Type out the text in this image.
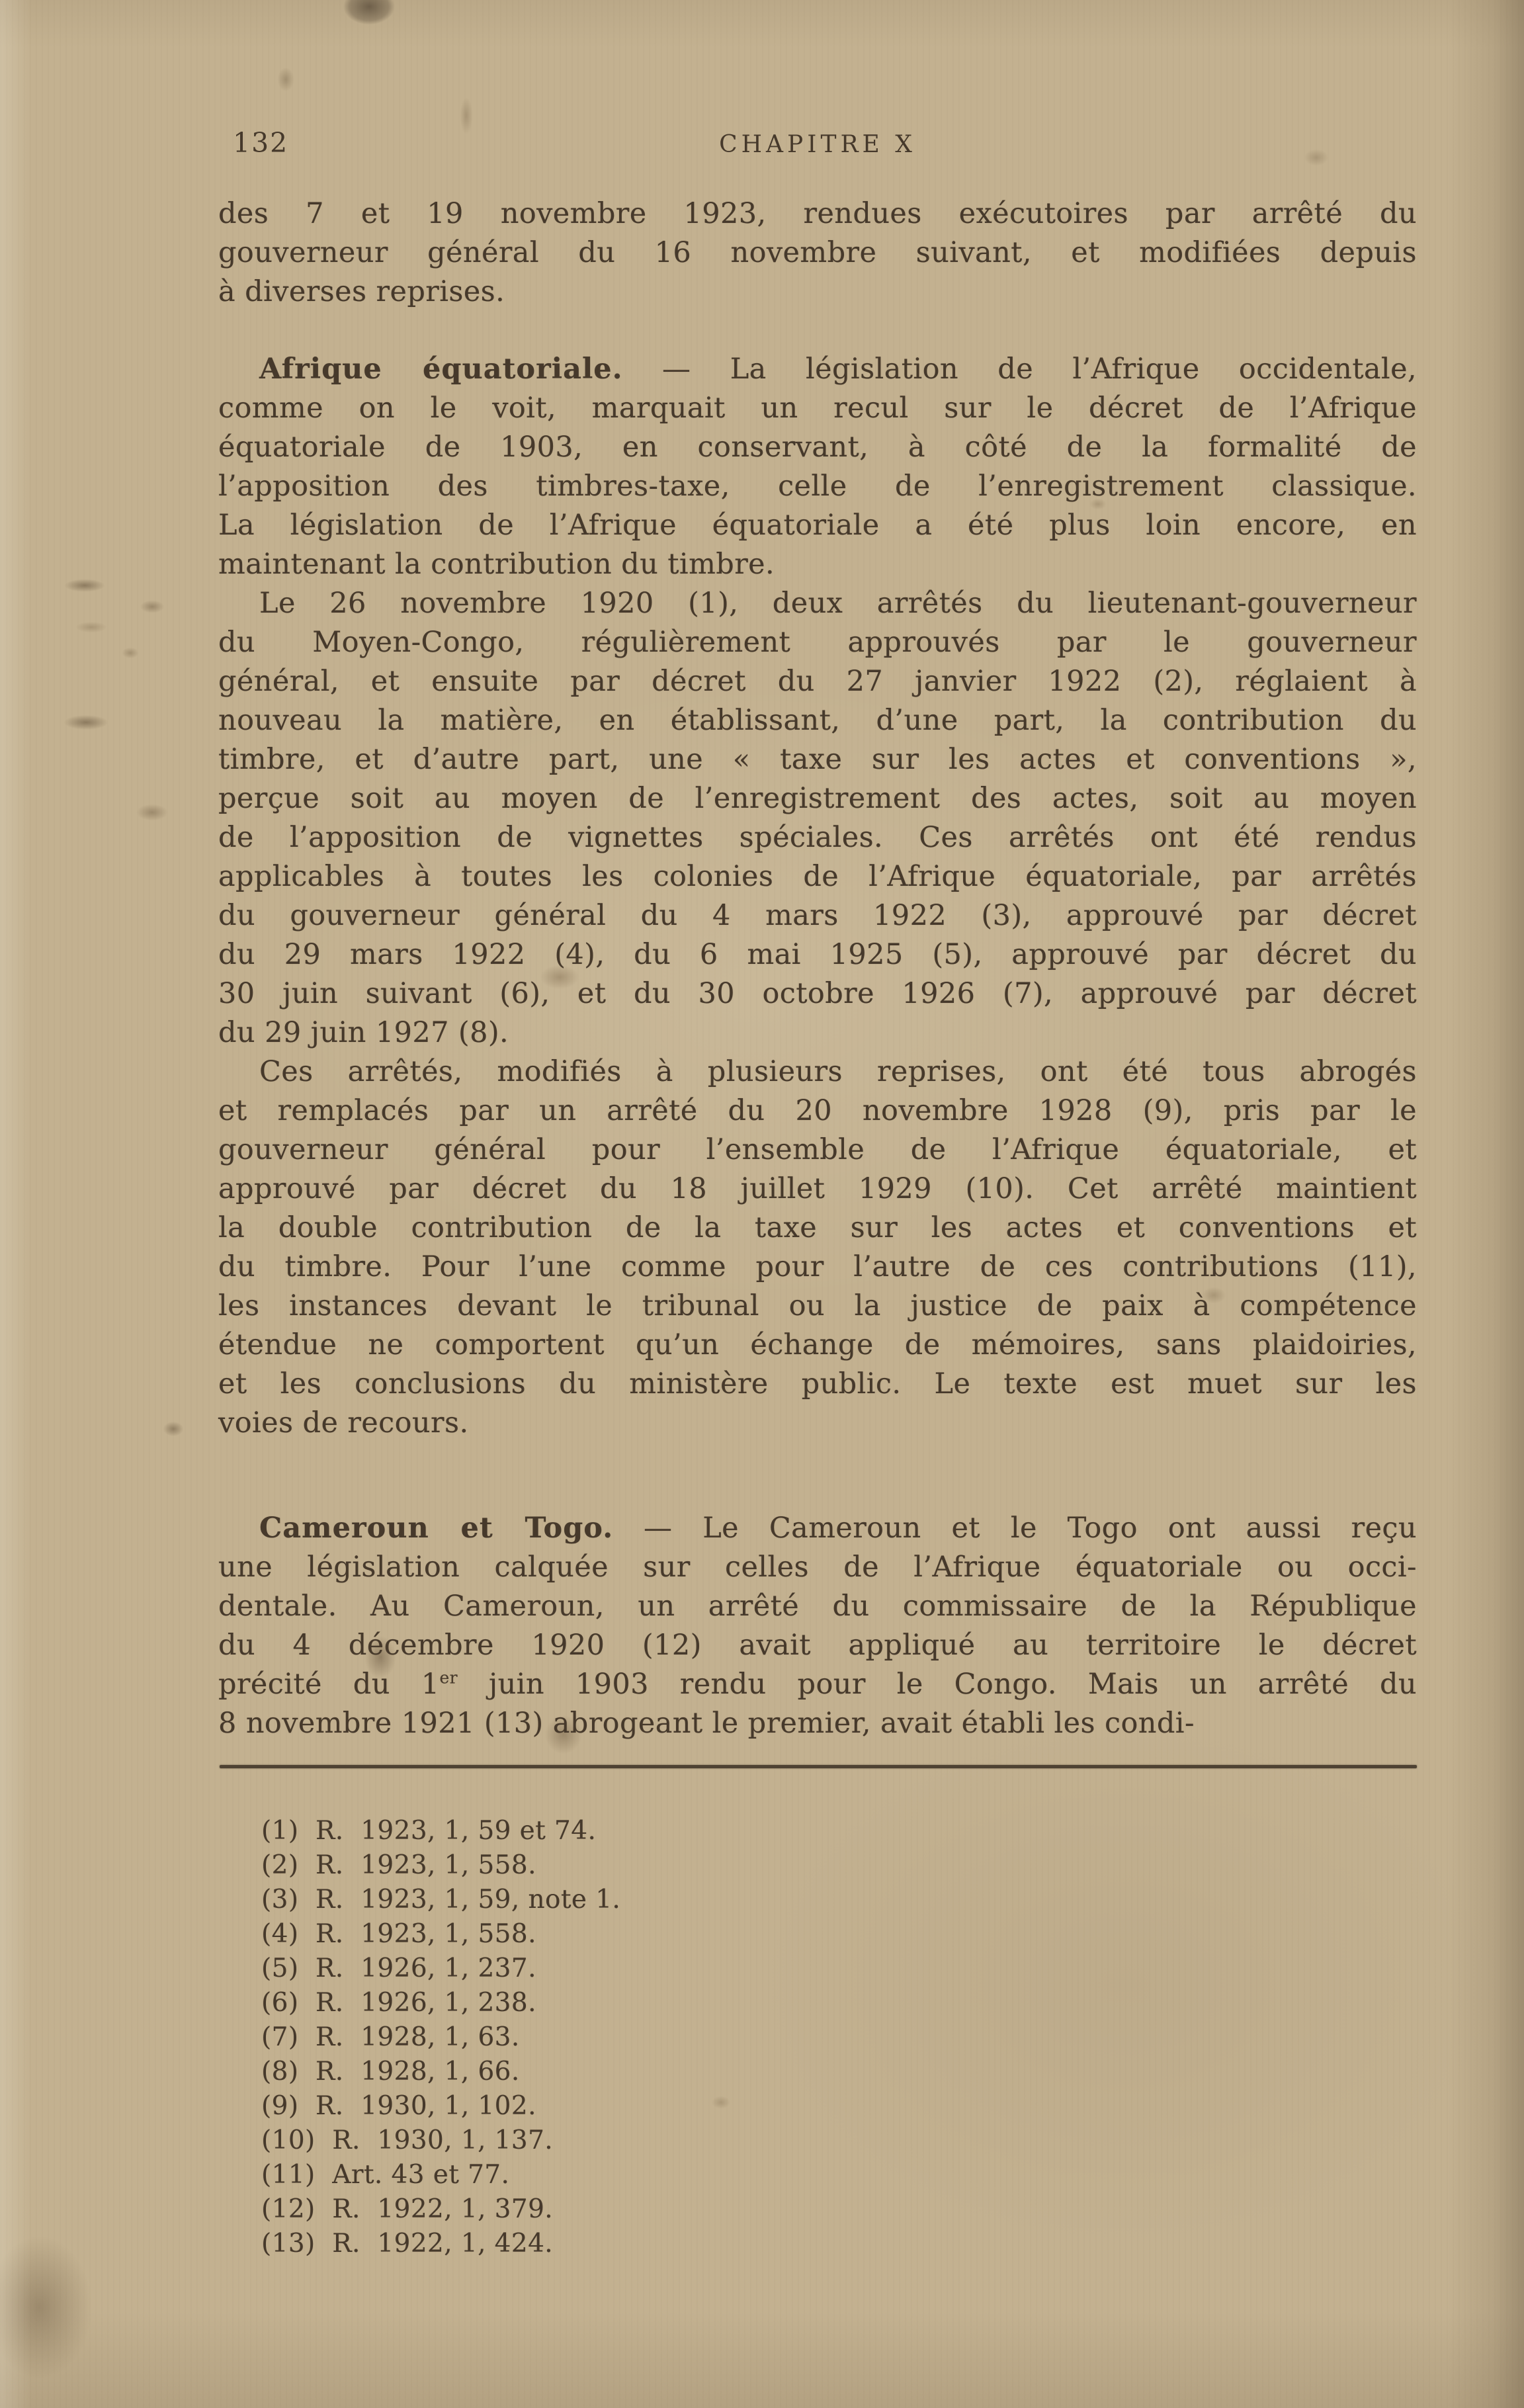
132	CHAPITRE X
des 7 et 19 novembre 1923, rendues exécutoires par arrêté du
gouverneur général du 16 novembre suivant, et modifiées depuis
à diverses reprises.
Afrique équatoriale. — La législation de l’Afrique occidentale,
comme on le voit, marquait un recul sur le décret de l’Afrique
équatoriale de 1903, en conservant, à côté de la formalité de
l’apposition des timbres-taxe, celle de l’enregistrement classique.
La législation de l’Afrique équatoriale a été plus loin encore, en
maintenant la contribution du timbre.
Le 26 novembre 1920 (1), deux arrêtés du lieutenant-gouverneur
du Moyen-Congo, régulièrement approuvés par le gouverneur
général, et ensuite par décret du 27 janvier 1922 (2), réglaient à
nouveau la matière, en établissant, d’une part, la contribution du
timbre, et d’autre part, une « taxe sur les actes et conventions »,
perçue soit au moyen de l’enregistrement des actes, soit au moyen
de l’apposition de vignettes spéciales. Ces arrêtés ont été rendus
applicables à toutes les colonies de l’Afrique équatoriale, par arrêtés
du gouverneur général du 4 mars 1922 (3), approuvé par décret
du 29 mars 1922 (4), du 6 mai 1925 (5), approuvé par décret du
30 juin suivant (6), et du 30 octobre 1926 (7), approuvé par décret
du 29 juin 1927 (8).
Ces arrêtés, modifiés à plusieurs reprises, ont été tous abrogés
et remplacés par un arrêté du 20 novembre 1928 (9), pris par le
gouverneur général pour l’ensemble de l’Afrique équatoriale, et
approuvé par décret du 18 juillet 1929 (10). Cet arrêté maintient
la double contribution de la taxe sur les actes et conventions et
du timbre. Pour l’une comme pour l’autre de ces contributions (11),
les instances devant le tribunal ou la justice de paix à compétence
étendue ne comportent qu’un échange de mémoires, sans plaidoiries,
et les conclusions du ministère public. Le texte est muet sur les
voies de recours.
Cameroun et Togo. — Le Cameroun et le Togo ont aussi reçu
une législation calquée sur celles de l’Afrique équatoriale ou occi-
dentale. Au Cameroun, un arrêté du commissaire de la République
du 4 décembre 1920 (12) avait appliqué au territoire le décret
précité du 1er juin 1903 rendu pour le Congo. Mais un arrêté du
8 novembre 1921 (13) abrogeant le premier, avait établi les condi-
(1)  R.  1923, 1, 59 et 74.
(2)  R.  1923, 1, 558.
(3)  R.  1923, 1, 59, note 1.
(4)  R.  1923, 1, 558.
(5)  R.  1926, 1, 237.
(6)  R.  1926, 1, 238.
(7)  R.  1928, 1, 63.
(8)  R.  1928, 1, 66.
(9)  R.  1930, 1, 102.
(10)  R.  1930, 1, 137.
(11)  Art. 43 et 77.
(12)  R.  1922, 1, 379.
(13)  R.  1922, 1, 424.
